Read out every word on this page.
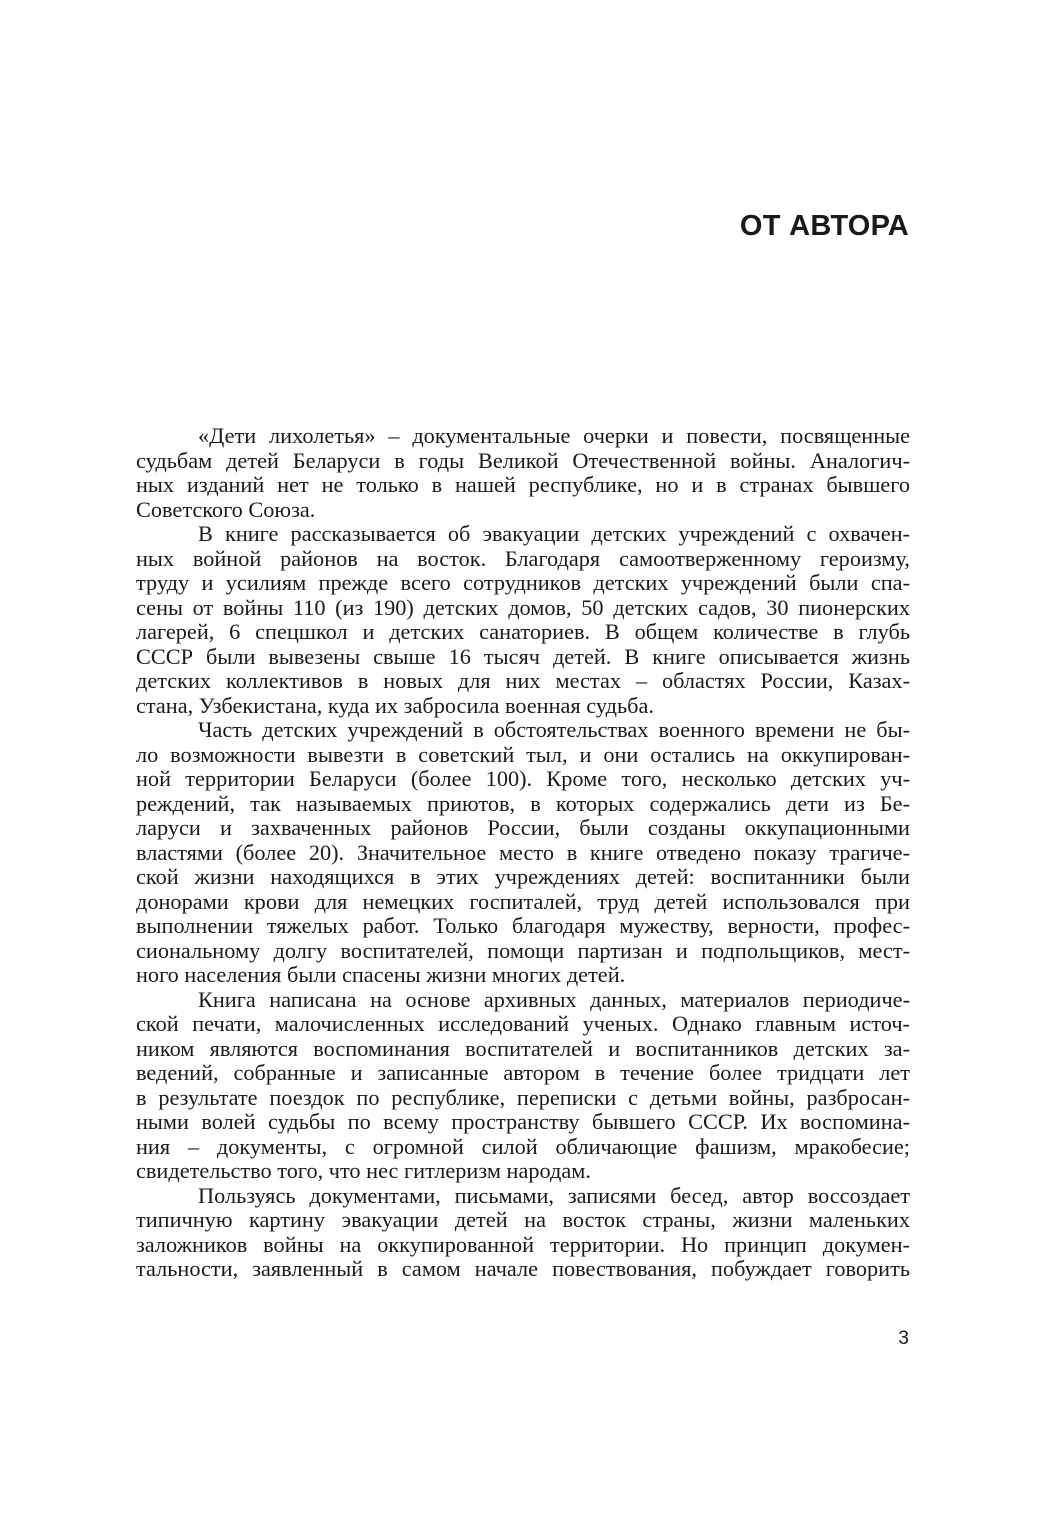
ОТ АВТОРА

«Дети лихолетья» – документальные очерки и повести, посвященные
судьбам детей Беларуси в годы Великой Отечественной войны. Аналогич-
ных изданий нет не только в нашей республике, но и в странах бывшего
Советского Союза.

В книге рассказывается об эвакуации детских учреждений с охвачен-
ных войной районов на восток. Благодаря самоотверженному героизму,
труду и усилиям прежде всего сотрудников детских учреждений были спа-
сены от войны 110 (из 190) детских домов, 50 детских садов, 30 пионерских
лагерей, 6 спецшкол и детских санаториев. В общем количестве в глубь
СССР были вывезены свыше 16 тысяч детей. В книге описывается жизнь
детских коллективов в новых для них местах – областях России, Казах-
стана, Узбекистана, куда их забросила военная судьба.

Часть детских учреждений в обстоятельствах военного времени не бы-
ло возможности вывезти в советский тыл, и они остались на оккупирован-
ной территории Беларуси (более 100). Кроме того, несколько детских уч-
реждений, так называемых приютов, в которых содержались дети из Бе-
ларуси и захваченных районов России, были созданы оккупационными
властями (более 20). Значительное место в книге отведено показу трагиче-
ской жизни находящихся в этих учреждениях детей: воспитанники были
донорами крови для немецких госпиталей, труд детей использовался при
выполнении тяжелых работ. Только благодаря мужеству, верности, профес-
сиональному долгу воспитателей, помощи партизан и подпольщиков, мест-
ного населения были спасены жизни многих детей.

Книга написана на основе архивных данных, материалов периодиче-
ской печати, малочисленных исследований ученых. Однако главным источ-
ником являются воспоминания воспитателей и воспитанников детских за-
ведений, собранные и записанные автором в течение более тридцати лет
в результате поездок по республике, переписки с детьми войны, разбросан-
ными волей судьбы по всему пространству бывшего СССР. Их воспомина-
ния – документы, с огромной силой обличающие фашизм, мракобесие;
свидетельство того, что нес гитлеризм народам.

Пользуясь документами, письмами, записями бесед, автор воссоздает
типичную картину эвакуации детей на восток страны, жизни маленьких
заложников войны на оккупированной территории. Но принцип докумен-
тальности, заявленный в самом начале повествования, побуждает говорить

3
